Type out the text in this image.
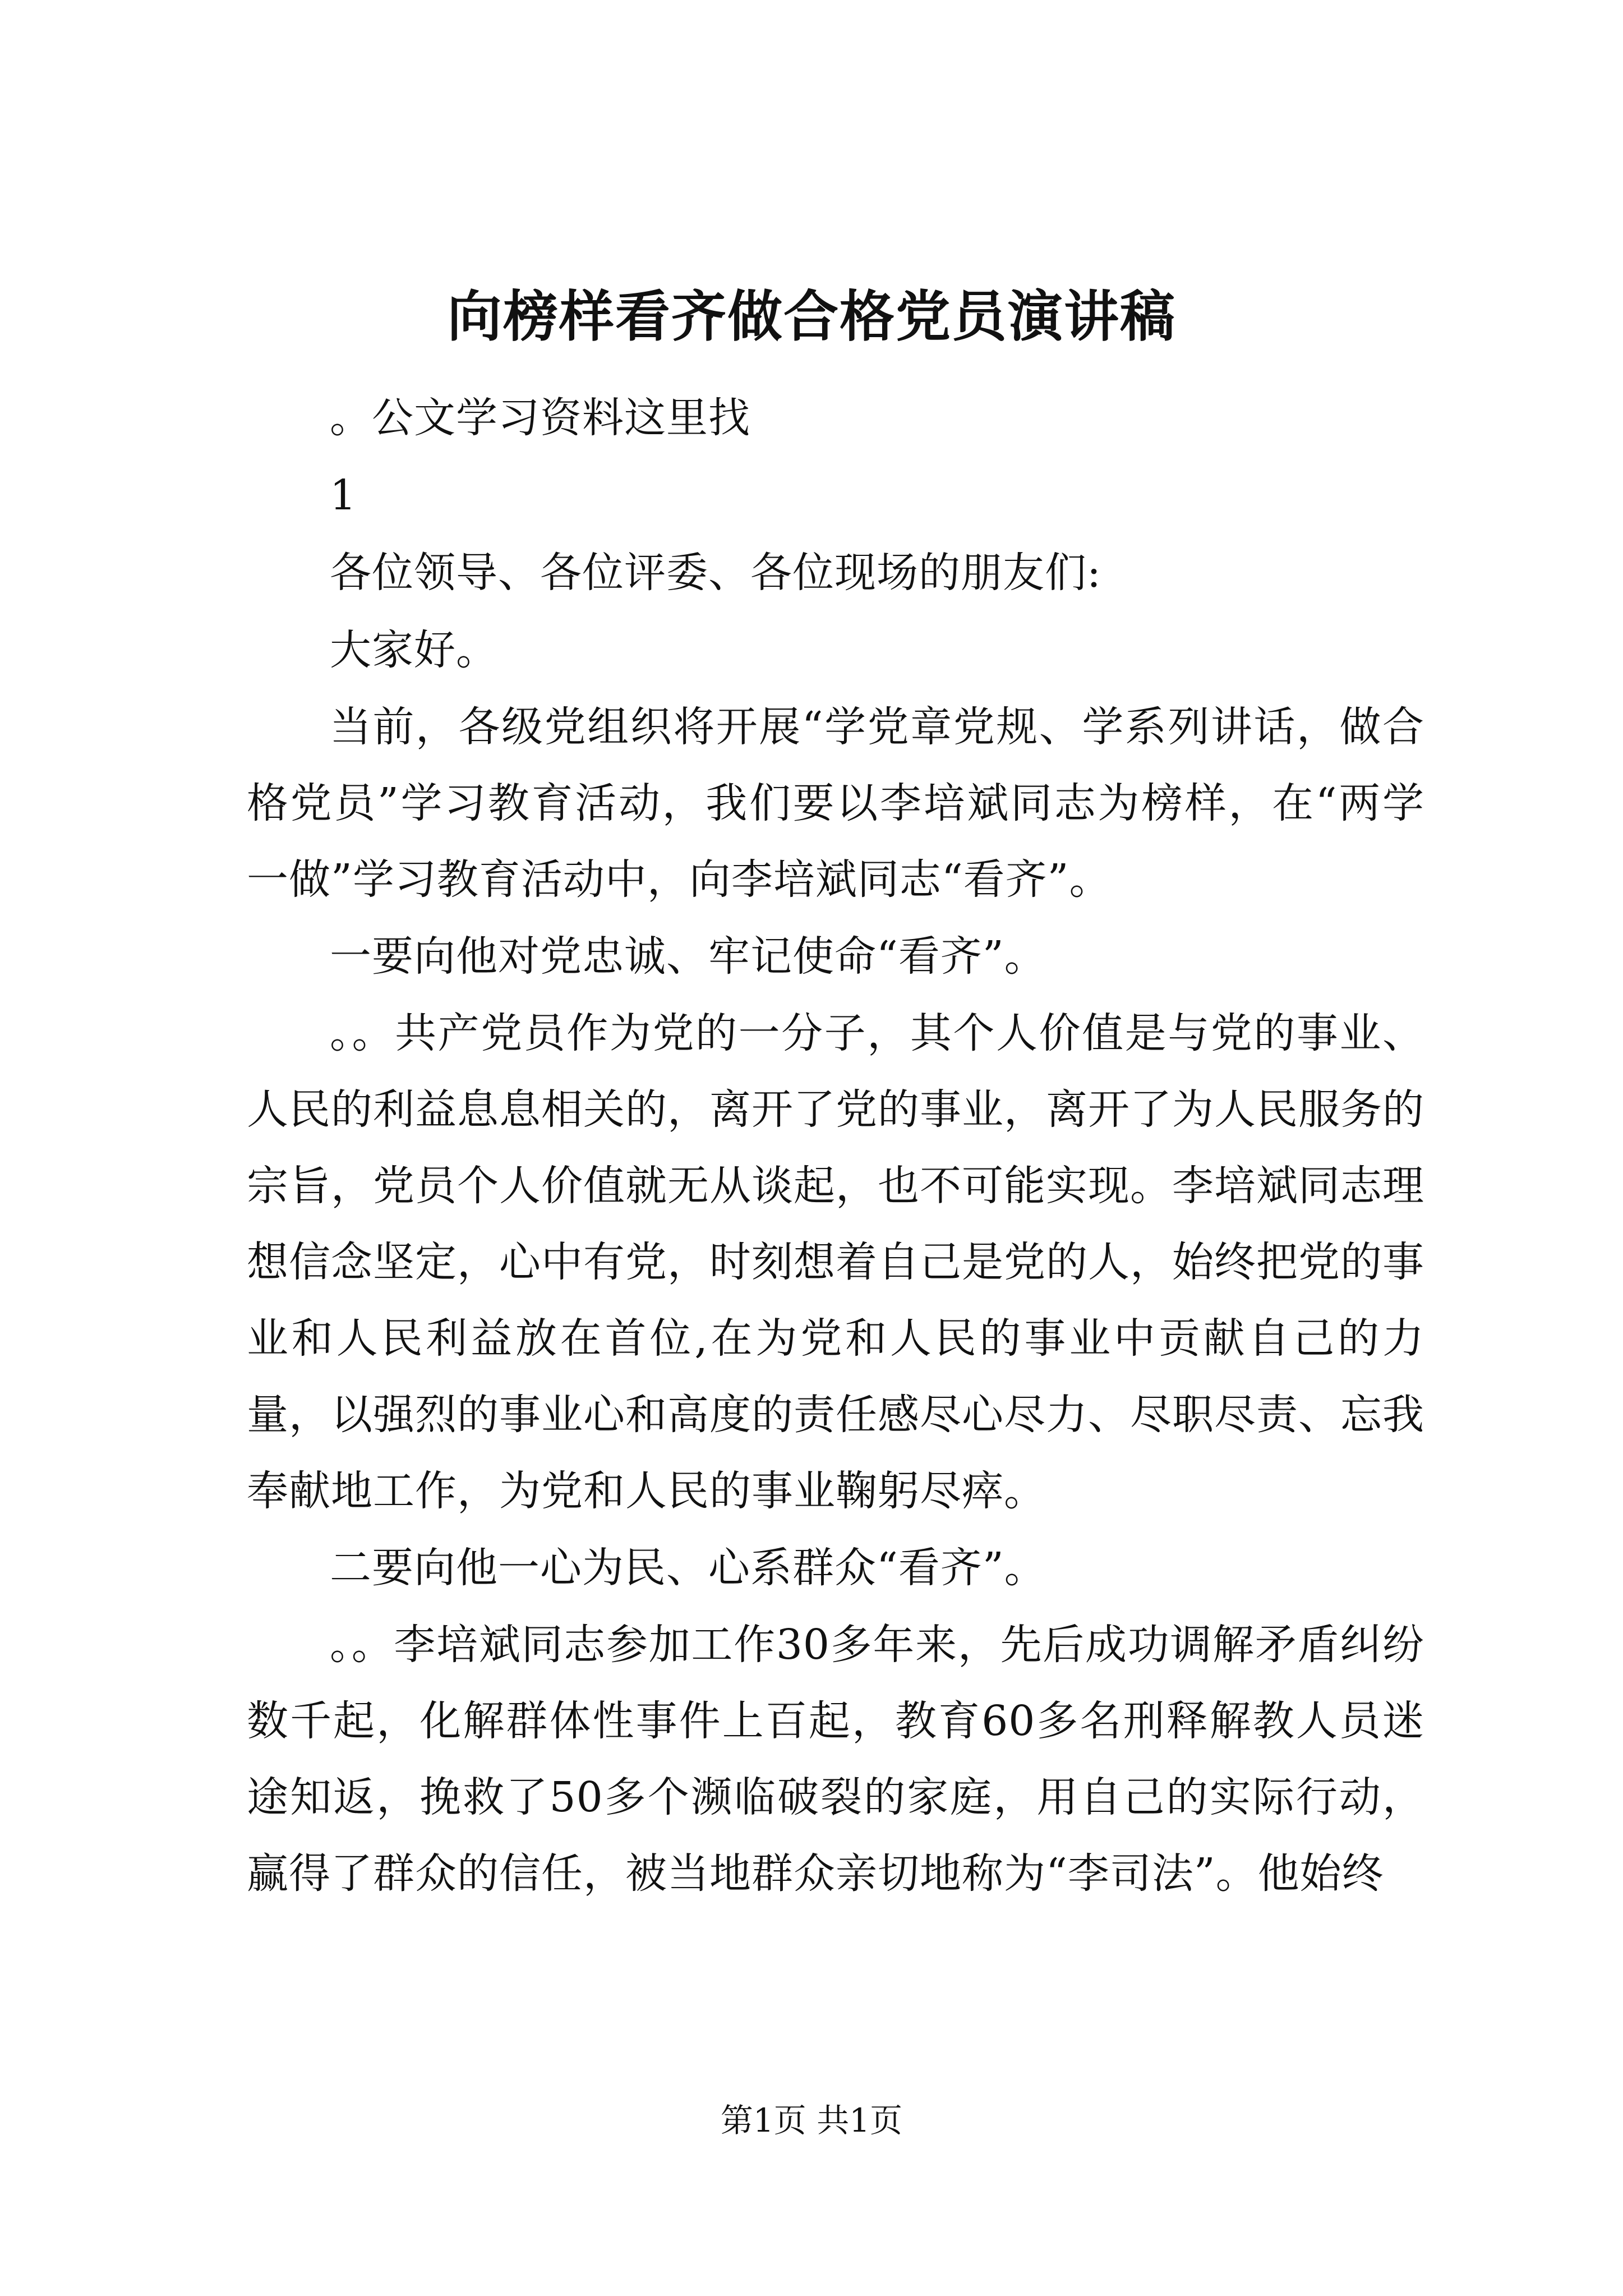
向榜样看齐做合格党员演讲稿

。公文学习资料这里找

1

各位领导、各位评委、各位现场的朋友们:

大家好。

当前，各级党组织将开展“学党章党规、学系列讲话，做合格党员”学习教育活动，我们要以李培斌同志为榜样，在“两学一做”学习教育活动中，向李培斌同志“看齐”。

一要向他对党忠诚、牢记使命“看齐”。

。。共产党员作为党的一分子，其个人价值是与党的事业、人民的利益息息相关的，离开了党的事业，离开了为人民服务的宗旨，党员个人价值就无从谈起，也不可能实现。李培斌同志理想信念坚定，心中有党，时刻想着自己是党的人，始终把党的事业和人民利益放在首位,在为党和人民的事业中贡献自己的力量，以强烈的事业心和高度的责任感尽心尽力、尽职尽责、忘我奉献地工作，为党和人民的事业鞠躬尽瘁。

二要向他一心为民、心系群众“看齐”。

。。李培斌同志参加工作30多年来，先后成功调解矛盾纠纷数千起，化解群体性事件上百起，教育60多名刑释解教人员迷途知返，挽救了50多个濒临破裂的家庭，用自己的实际行动，赢得了群众的信任，被当地群众亲切地称为“李司法”。他始终

第1页 共1页
